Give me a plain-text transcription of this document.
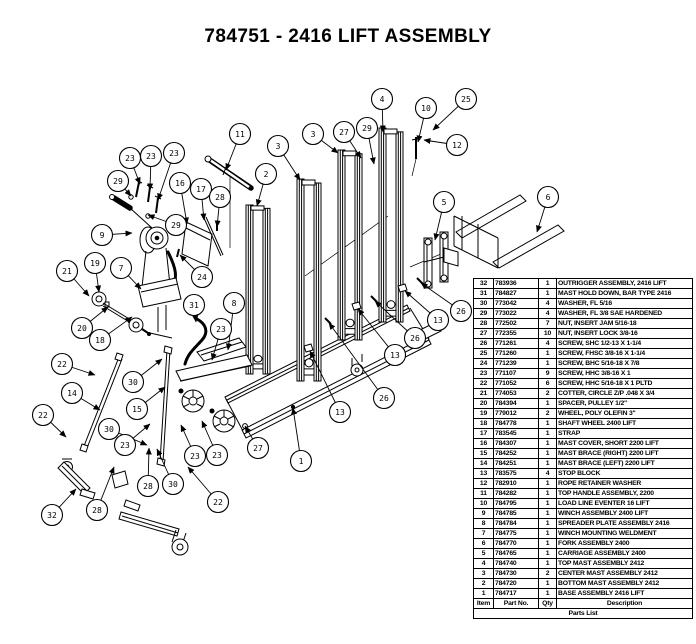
784751 - 2416 LIFT ASSEMBLY
4
10
25
12
29
27
3
3
2
11
23 23 23
29	16
17
28
29
9
21
19
7
24
20
18
22
14
22
30
15
30
23
31	8
23
23 23
27
1
28 30
22
32
28
13
26
13
26
13
26
5
6
32	783936	1	OUTRIGGER ASSEMBLY, 2416 LIFT
31	784827	1	MAST HOLD DOWN, BAR TYPE 2416
30	773042	4	WASHER, FL 5/16
29	773022	4	WASHER, FL 3/8 SAE HARDENED
28	772502	7	NUT, INSERT JAM 5/16-18
27	772355	10	NUT, INSERT LOCK 3/8-16
26	771261	4	SCREW, SHC 1/2-13 X 1-1/4
25	771260	1	SCREW, FHSC 3/8-16 X 1-1/4
24	771239	1	SCREW, BHC 5/16-18 X 7/8
23	771107	9	SCREW, HHC 3/8-16 X 1
22	771052	6	SCREW, HHC 5/16-18 X 1 PLTD
21	774053	2	COTTER, CIRCLE Z/P .048 X 3/4
20	784394	1	SPACER, PULLEY 1/2"
19	779012	2	WHEEL, POLY OLEFIN 3"
18	784778	1	SHAFT WHEEL 2400 LIFT
17	783545	1	STRAP
16	784307	1	MAST COVER, SHORT 2200 LIFT
15	784252	1	MAST BRACE (RIGHT) 2200 LIFT
14	784251	1	MAST BRACE (LEFT) 2200 LIFT
13	783575	4	STOP BLOCK
12	782910	1	ROPE RETAINER WASHER
11	784282	1	TOP HANDLE ASSEMBLY, 2200
10	784795	1	LOAD LINE EVENTER 16 LIFT
9	784785	1	WINCH ASSEMBLY 2400 LIFT
8	784784	1	SPREADER PLATE ASSEMBLY 2416
7	784775	1	WINCH MOUNTING WELDMENT
6	784770	1	FORK ASSEMBLY 2400
5	784765	1	CARRIAGE ASSEMBLY 2400
4	784740	1	TOP MAST ASSEMBLY 2412
3	784730	2	CENTER MAST ASSEMBLY 2412
2	784720	1	BOTTOM MAST ASSEMBLY 2412
1	784717	1	BASE ASSEMBLY 2416 LIFT
Item	Part No.	Qty	Description
Parts List			
